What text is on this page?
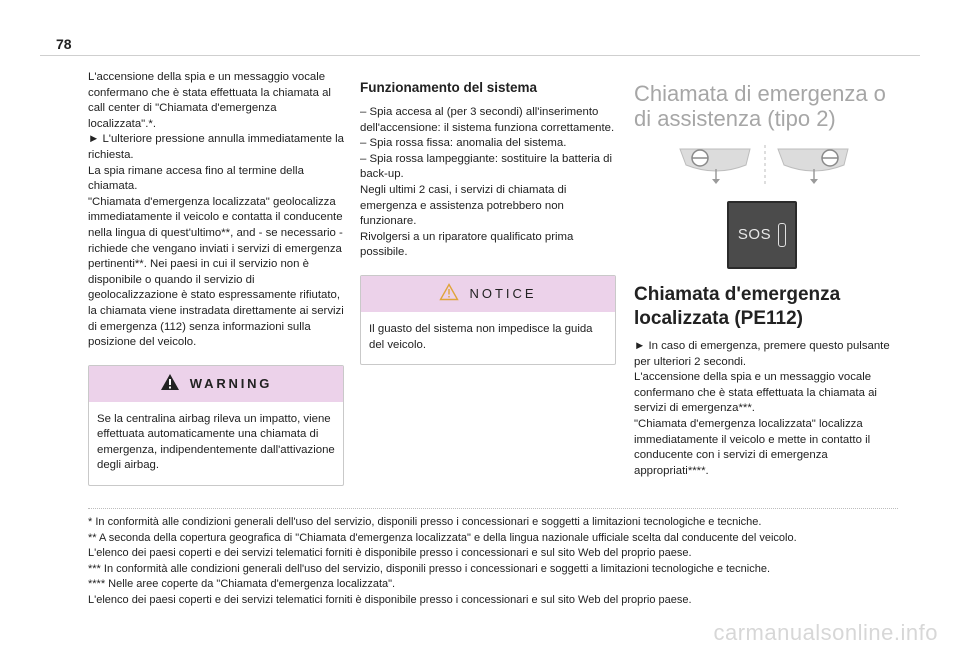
78

L'accensione della spia e un messaggio vocale confermano che è stata effettuata la chiamata al call center di "Chiamata d'emergenza localizzata".*.

► L'ulteriore pressione annulla immediatamente la richiesta.

La spia rimane accesa fino al termine della chiamata.

"Chiamata d'emergenza localizzata" geolocalizza immediatamente il veicolo e contatta il conducente nella lingua di quest'ultimo**, and - se necessario - richiede che vengano inviati i servizi di emergenza pertinenti**. Nei paesi in cui il servizio non è disponibile o quando il servizio di geolocalizzazione è stato espressamente rifiutato, la chiamata viene instradata direttamente ai servizi di emergenza (112) senza informazioni sulla posizione del veicolo.

WARNING

Se la centralina airbag rileva un impatto, viene effettuata automaticamente una chiamata di emergenza, indipendentemente dall'attivazione degli airbag.

Funzionamento del sistema

– Spia accesa al (per 3 secondi) all'inserimento dell'accensione: il sistema funziona correttamente.

– Spia rossa fissa: anomalia del sistema.

– Spia rossa lampeggiante: sostituire la batteria di back-up.

Negli ultimi 2 casi, i servizi di chiamata di emergenza e assistenza potrebbero non funzionare.

Rivolgersi a un riparatore qualificato prima possibile.

NOTICE

Il guasto del sistema non impedisce la guida del veicolo.

Chiamata di emergenza o di assistenza (tipo 2)
SOS
Chiamata d'emergenza localizzata (PE112)

► In caso di emergenza, premere questo pulsante per ulteriori 2 secondi.

L'accensione della spia e un messaggio vocale confermano che è stata effettuata la chiamata ai servizi di emergenza***.

"Chiamata d'emergenza localizzata" localizza immediatamente il veicolo e mette in contatto il conducente con i servizi di emergenza appropriati****.

* In conformità alle condizioni generali dell'uso del servizio, disponili presso i concessionari e soggetti a limitazioni tecnologiche e tecniche.

** A seconda della copertura geografica di "Chiamata d'emergenza localizzata" e della lingua nazionale ufficiale scelta dal conducente del veicolo.

L'elenco dei paesi coperti e dei servizi telematici forniti è disponibile presso i concessionari e sul sito Web del proprio paese.

*** In conformità alle condizioni generali dell'uso del servizio, disponili presso i concessionari e soggetti a limitazioni tecnologiche e tecniche.

**** Nelle aree coperte da "Chiamata d'emergenza localizzata".

L'elenco dei paesi coperti e dei servizi telematici forniti è disponibile presso i concessionari e sul sito Web del proprio paese.

carmanualsonline.info
